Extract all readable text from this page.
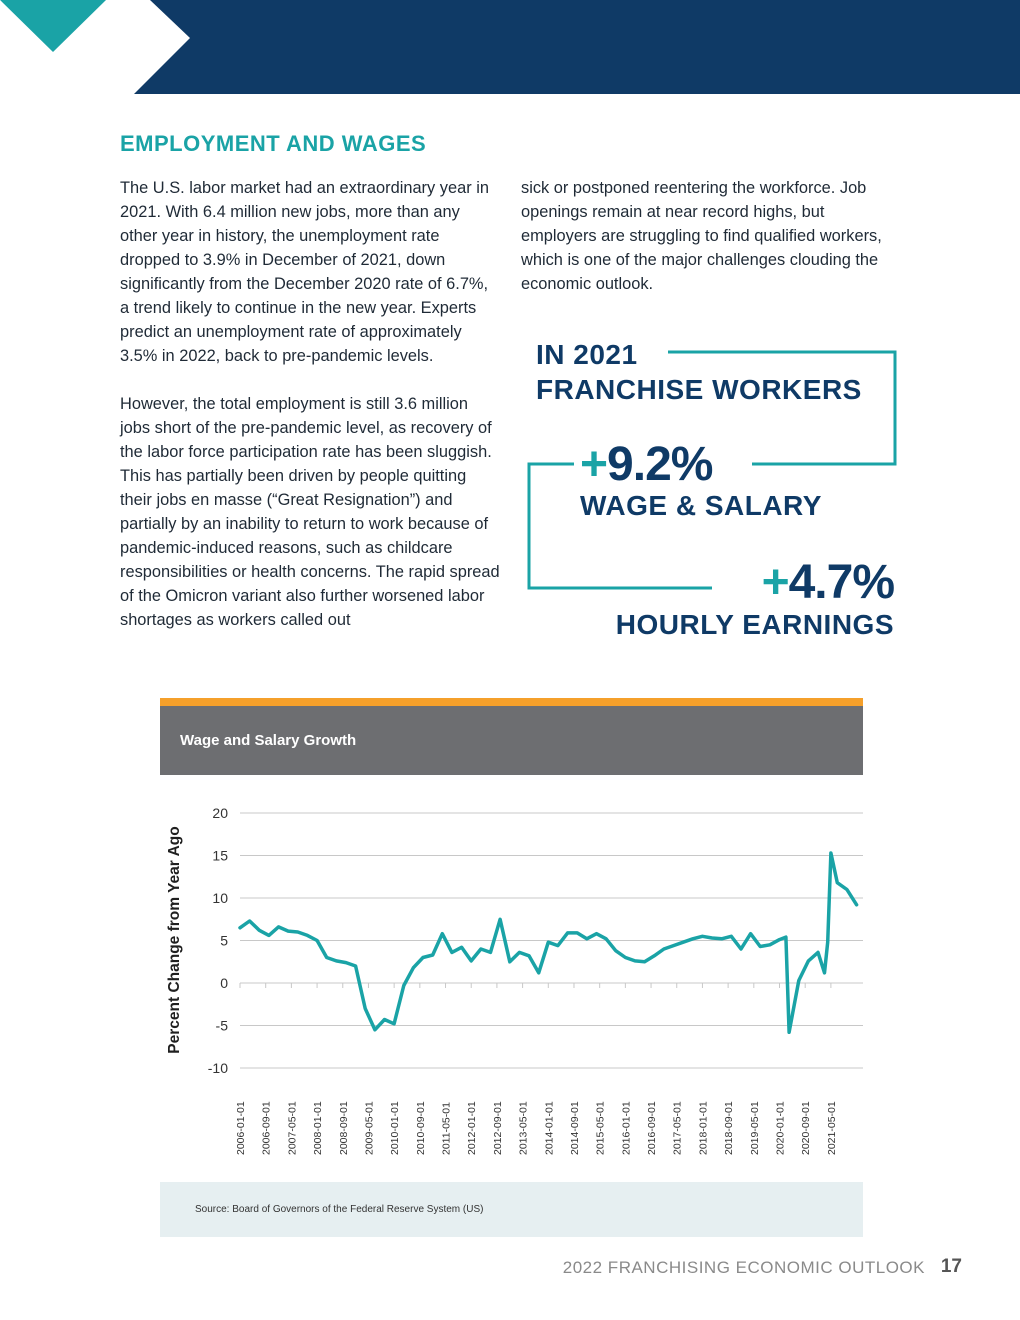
EMPLOYMENT AND WAGES

The U.S. labor market had an extraordinary year in 2021. With 6.4 million new jobs, more than any other year in history, the unemployment rate dropped to 3.9% in December of 2021, down significantly from the December 2020 rate of 6.7%, a trend likely to continue in the new year. Experts predict an unemployment rate of approximately 3.5% in 2022, back to pre-pandemic levels.

However, the total employment is still 3.6 million jobs short of the pre-pandemic level, as recovery of the labor force participation rate has been sluggish. This has partially been driven by people quitting their jobs en masse (“Great Resignation”) and partially by an inability to return to work because of pandemic-induced reasons, such as childcare responsibilities or health concerns. The rapid spread of the Omicron variant also further worsened labor shortages as workers called out

sick or postponed reentering the workforce. Job openings remain at near record highs, but employers are struggling to find qualified workers, which is one of the major challenges clouding the economic outlook.

IN 2021
FRANCHISE WORKERS
+9.2%
WAGE & SALARY
+4.7%
HOURLY EARNINGS
Wage and Salary Growth
20
15
10
5
0
-5
-10
2006-01-01 2006-09-01 2007-05-01 2008-01-01 2008-09-01 2009-05-01 2010-01-01 2010-09-01 2011-05-01 2012-01-01 2012-09-01 2013-05-01 2014-01-01 2014-09-01 2015-05-01 2016-01-01 2016-09-01 2017-05-01 2018-01-01 2018-09-01 2019-05-01 2020-01-01 2020-09-01 2021-05-01
Percent Change from Year Ago
Source: Board of Governors of the Federal Reserve System (US)
2022 FRANCHISING ECONOMIC OUTLOOK 17
